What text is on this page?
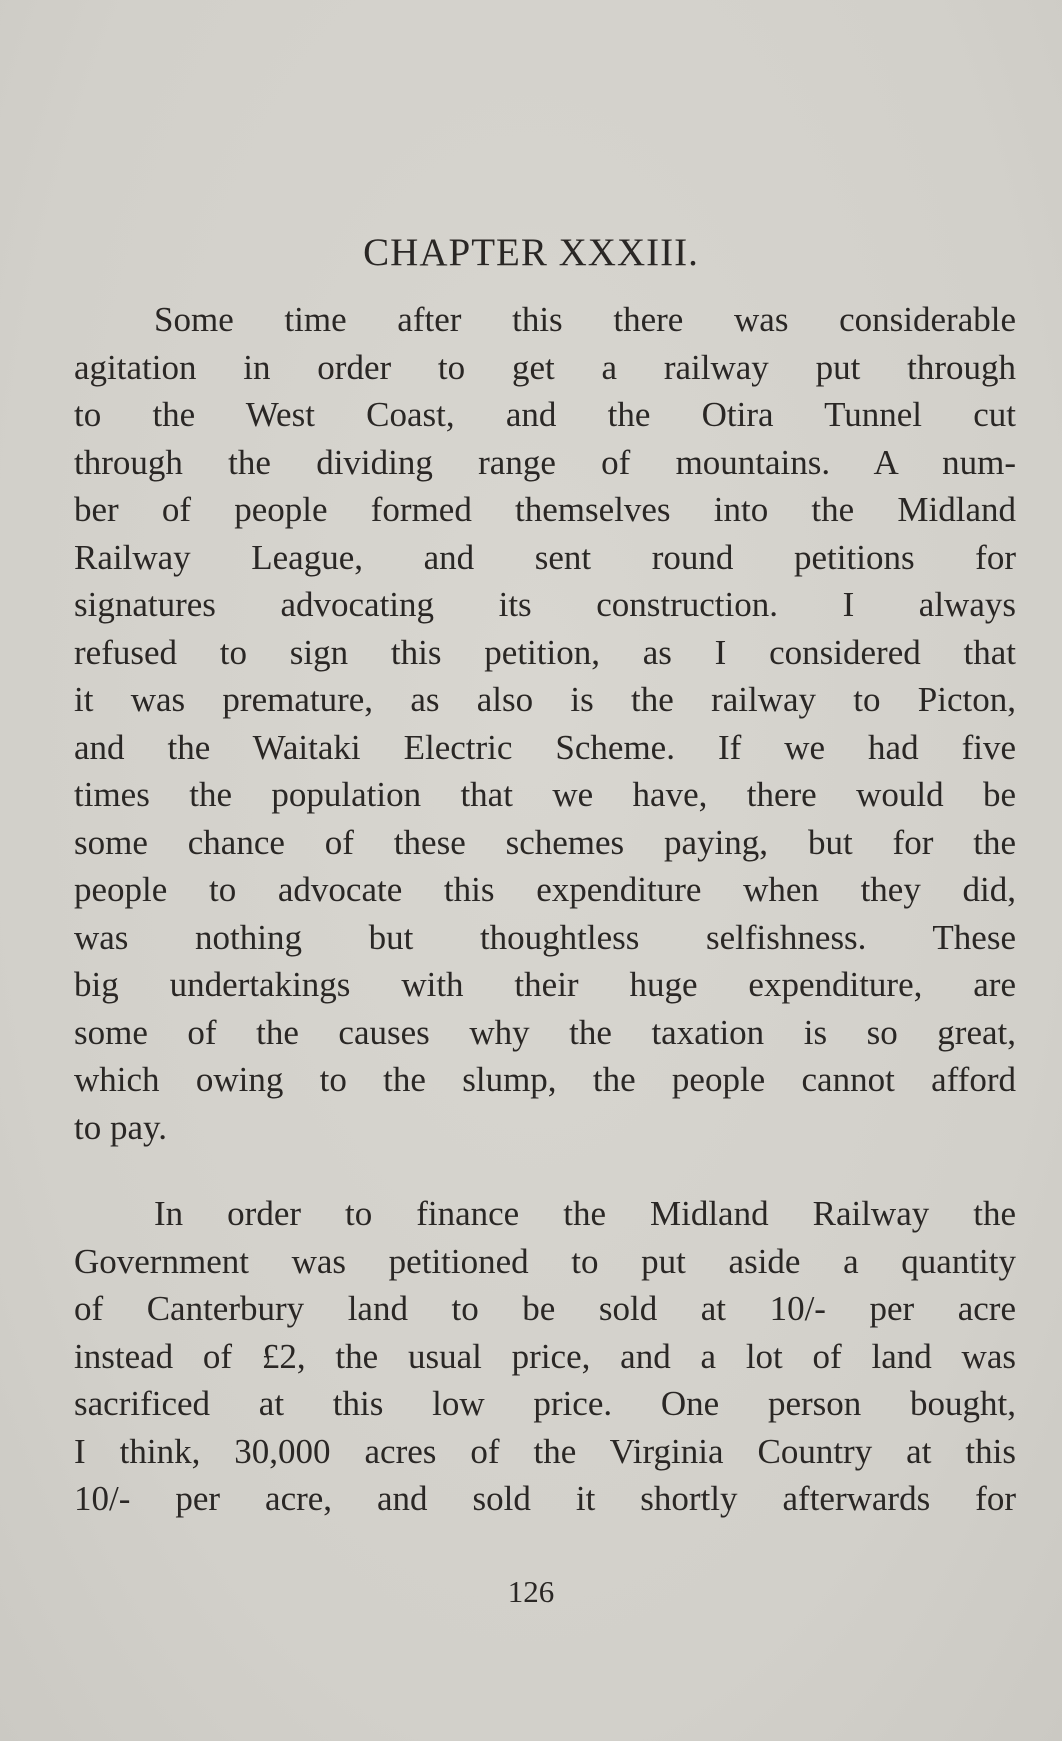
CHAPTER XXXIII.

Some time after this there was considerable
agitation in order to get a railway put through
to the West Coast, and the Otira Tunnel cut
through the dividing range of mountains. A num-
ber of people formed themselves into the Midland
Railway League, and sent round petitions for
signatures advocating its construction. I always
refused to sign this petition, as I considered that
it was premature, as also is the railway to Picton,
and the Waitaki Electric Scheme. If we had five
times the population that we have, there would be
some chance of these schemes paying, but for the
people to advocate this expenditure when they did,
was nothing but thoughtless selfishness. These
big undertakings with their huge expenditure, are
some of the causes why the taxation is so great,
which owing to the slump, the people cannot afford
to pay.

In order to finance the Midland Railway the
Government was petitioned to put aside a quantity
of Canterbury land to be sold at 10/- per acre
instead of £2, the usual price, and a lot of land was
sacrificed at this low price. One person bought,
I think, 30,000 acres of the Virginia Country at this
10/- per acre, and sold it shortly afterwards for

126
